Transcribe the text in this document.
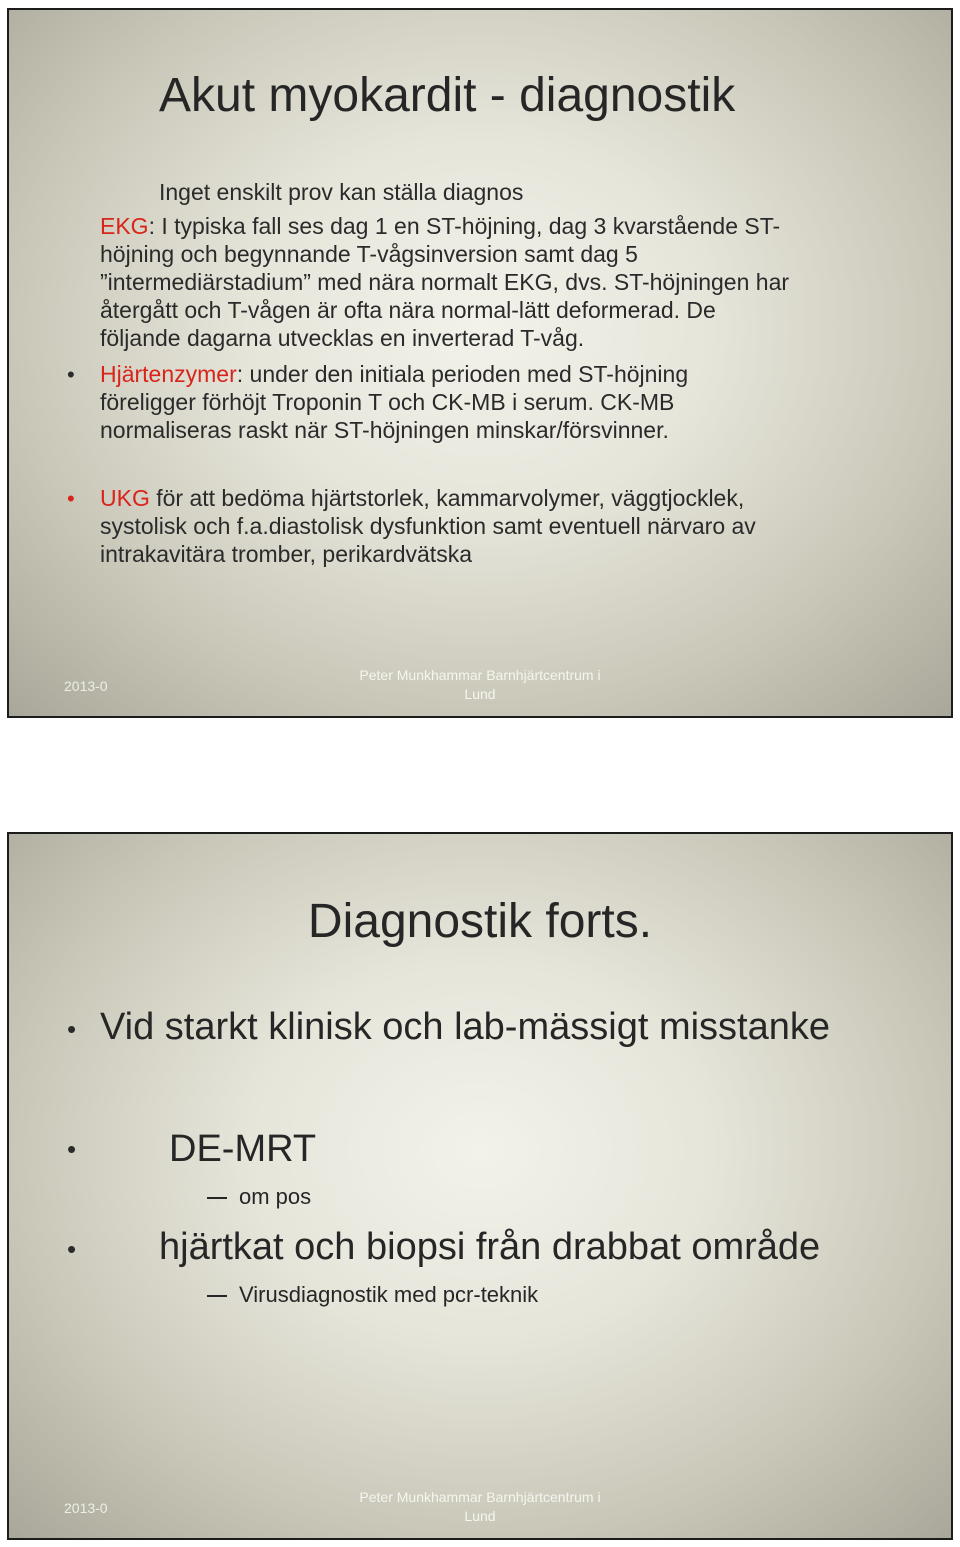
Akut myokardit - diagnostik
Inget enskilt prov kan ställa diagnos
EKG: I typiska fall ses dag 1 en ST-höjning, dag 3 kvarstående ST-
höjning och begynnande T-vågsinversion samt dag 5
”intermediärstadium” med nära normalt EKG, dvs. ST-höjningen har
återgått och T-vågen är ofta nära normal-lätt deformerad. De
följande dagarna utvecklas en inverterad T-våg.
• Hjärtenzymer: under den initiala perioden med ST-höjning
föreligger förhöjt Troponin T och CK-MB i serum. CK-MB
normaliseras raskt när ST-höjningen minskar/försvinner.
• UKG för att bedöma hjärtstorlek, kammarvolymer, väggtjocklek,
systolisk och f.a.diastolisk dysfunktion samt eventuell närvaro av
intrakavitära tromber, perikardvätska
2013-0
Peter Munkhammar Barnhjärtcentrum i
Lund
Diagnostik forts.
• Vid starkt klinisk och lab-mässigt misstanke
• DE-MRT
om pos
• hjärtkat och biopsi från drabbat område
Virusdiagnostik med pcr-teknik
2013-0
Peter Munkhammar Barnhjärtcentrum i
Lund
